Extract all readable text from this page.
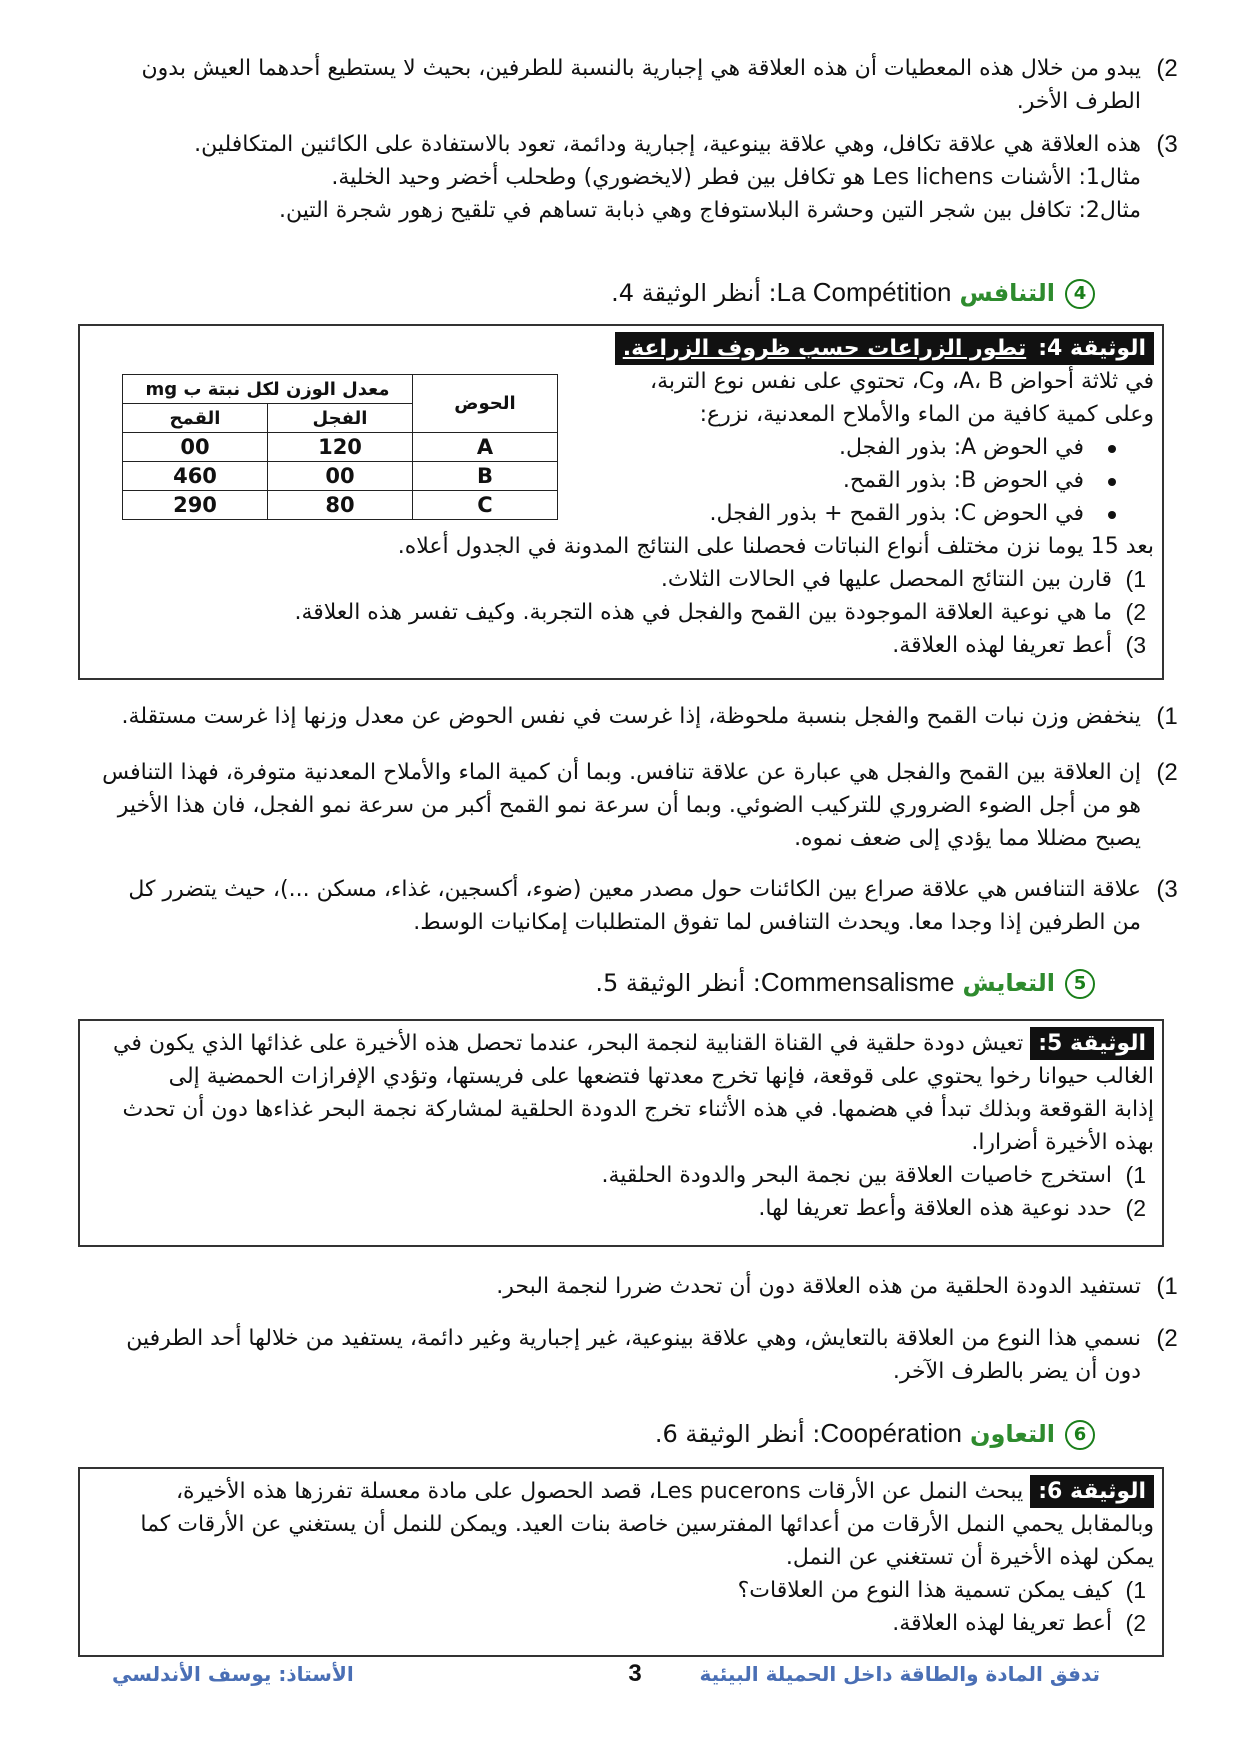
2)
يبدو من خلال هذه المعطيات أن هذه العلاقة هي إجبارية بالنسبة للطرفين، بحيث لا يستطيع أحدهما العيش بدون
الطرف الأخر.
3)
هذه العلاقة هي علاقة تكافل، وهي علاقة بينوعية، إجبارية ودائمة، تعود بالاستفادة على الكائنين المتكافلين.
مثال1: الأشنات Les lichens هو تكافل بين فطر (لايخضوري) وطحلب أخضر وحيد الخلية.
مثال2: تكافل بين شجر التين وحشرة البلاستوفاج وهي ذبابة تساهم في تلقيح زهور شجرة التين.
4التنافسLa Compétition: أنظر الوثيقة 4.
الوثيقة 4:تطور الزراعات حسب ظروف الزراعة.
في ثلاثة أحواض A، B، وC، تحتوي على نفس نوع التربة،
وعلى كمية كافية من الماء والأملاح المعدنية، نزرع:
في الحوض A: بذور الفجل.
في الحوض B: بذور القمح.
في الحوض C: بذور القمح + بذور الفجل.
بعد 15 يوما نزن مختلف أنواع النباتات فحصلنا على النتائج المدونة في الجدول أعلاه.
1)
قارن بين النتائج المحصل عليها في الحالات الثلاث.
2)
ما هي نوعية العلاقة الموجودة بين القمح والفجل في هذه التجربة. وكيف تفسر هذه العلاقة.
3)
أعط تعريفا لهذه العلاقة.
الحوض	معدل الوزن لكل نبتة ب mg	
	الفجل	القمح
A	120	00
B	00	460
C	80	290
1)
ينخفض وزن نبات القمح والفجل بنسبة ملحوظة، إذا غرست في نفس الحوض عن معدل وزنها إذا غرست مستقلة.
2)
إن العلاقة بين القمح والفجل هي عبارة عن علاقة تنافس. وبما أن كمية الماء والأملاح المعدنية متوفرة، فهذا التنافس
هو من أجل الضوء الضروري للتركيب الضوئي. وبما أن سرعة نمو القمح أكبر من سرعة نمو الفجل، فان هذا الأخير
يصبح مضللا مما يؤدي إلى ضعف نموه.
3)
علاقة التنافس هي علاقة صراع بين الكائنات حول مصدر معين (ضوء، أكسجين، غذاء، مسكن ...)، حيث يتضرر كل
من الطرفين إذا وجدا معا. ويحدث التنافس لما تفوق المتطلبات إمكانيات الوسط.
5التعايشCommensalisme: أنظر الوثيقة 5.
الوثيقة 5: تعيش دودة حلقية في القناة القنابية لنجمة البحر، عندما تحصل هذه الأخيرة على غذائها الذي يكون في
الغالب حيوانا رخوا يحتوي على قوقعة، فإنها تخرج معدتها فتضعها على فريستها، وتؤدي الإفرازات الحمضية إلى
إذابة القوقعة وبذلك تبدأ في هضمها. في هذه الأثناء تخرج الدودة الحلقية لمشاركة نجمة البحر غذاءها دون أن تحدث
بهذه الأخيرة أضرارا.
1)
استخرج خاصيات العلاقة بين نجمة البحر والدودة الحلقية.
2)
حدد نوعية هذه العلاقة وأعط تعريفا لها.
1)
تستفيد الدودة الحلقية من هذه العلاقة دون أن تحدث ضررا لنجمة البحر.
2)
نسمي هذا النوع من العلاقة بالتعايش، وهي علاقة بينوعية، غير إجبارية وغير دائمة، يستفيد من خلالها أحد الطرفين
دون أن يضر بالطرف الآخر.
6التعاونCoopération: أنظر الوثيقة 6.
الوثيقة 6: يبحث النمل عن الأرقات Les pucerons، قصد الحصول على مادة معسلة تفرزها هذه الأخيرة،
وبالمقابل يحمي النمل الأرقات من أعدائها المفترسين خاصة بنات العيد. ويمكن للنمل أن يستغني عن الأرقات كما
يمكن لهذه الأخيرة أن تستغني عن النمل.
1)
كيف يمكن تسمية هذا النوع من العلاقات؟
2)
أعط تعريفا لهذه العلاقة.
تدفق المادة والطاقة داخل الحميلة البيئية
3
الأستاذ: يوسف الأندلسي
